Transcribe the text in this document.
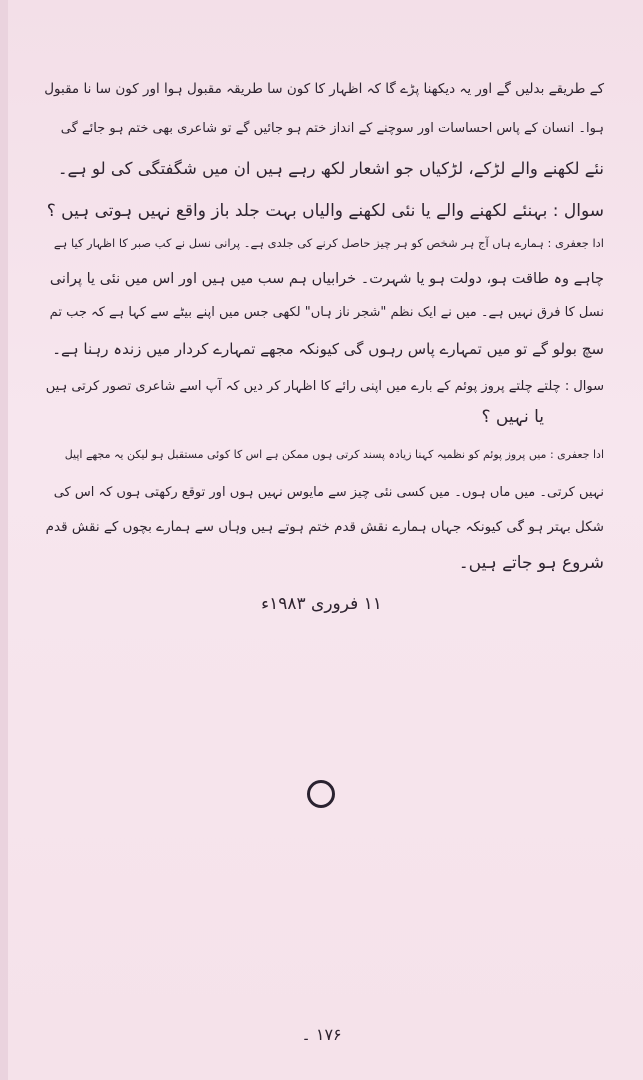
کے طریقے بدلیں گے اور یہ دیکھنا پڑے گا کہ اظہار کا کون سا طریقہ مقبول ہوا اور کون سا نا مقبول
ہوا۔ انسان کے پاس احساسات اور سوچنے کے انداز ختم ہو جائیں گے تو شاعری بھی ختم ہو جائے گی
نئے لکھنے والے لڑکے، لڑکیاں جو اشعار لکھ رہے ہیں ان میں شگفتگی کی لو ہے۔
سوال : بہنئے لکھنے والے یا نئی لکھنے والیاں بہت جلد باز واقع نہیں ہوتی ہیں ؟
ادا جعفری : ہمارے ہاں آج ہر شخص کو ہر چیز حاصل کرنے کی جلدی ہے۔ پرانی نسل نے کب صبر کا اظہار کیا ہے
چاہے وہ طاقت ہو، دولت ہو یا شہرت۔ خرابیاں ہم سب میں ہیں اور اس میں نئی یا پرانی
نسل کا فرق نہیں ہے۔ میں نے ایک نظم "شجر ناز ہاں" لکھی جس میں اپنے بیٹے سے کہا ہے کہ جب تم
سچ بولو گے تو میں تمہارے پاس رہوں گی کیونکہ مجھے تمہارے کردار میں زندہ رہنا ہے۔
سوال : چلتے چلتے پروز پوئم کے بارے میں اپنی رائے کا اظہار کر دیں کہ آپ اسے شاعری تصور کرتی ہیں
یا نہیں ؟
ادا جعفری : میں پروز پوئم کو نظمیہ کہنا زیادہ پسند کرتی ہوں ممکن ہے اس کا کوئی مستقبل ہو لیکن یہ مجھے اپیل
نہیں کرتی۔ میں ماں ہوں۔ میں کسی نئی چیز سے مایوس نہیں ہوں اور توقع رکھتی ہوں کہ اس کی
شکل بہتر ہو گی کیونکہ جہاں ہمارے نقش قدم ختم ہوتے ہیں وہاں سے ہمارے بچوں کے نقش قدم
شروع ہو جاتے ہیں۔
۱۱ فروری ۱۹۸۳ء
۱۷۶ ۔
